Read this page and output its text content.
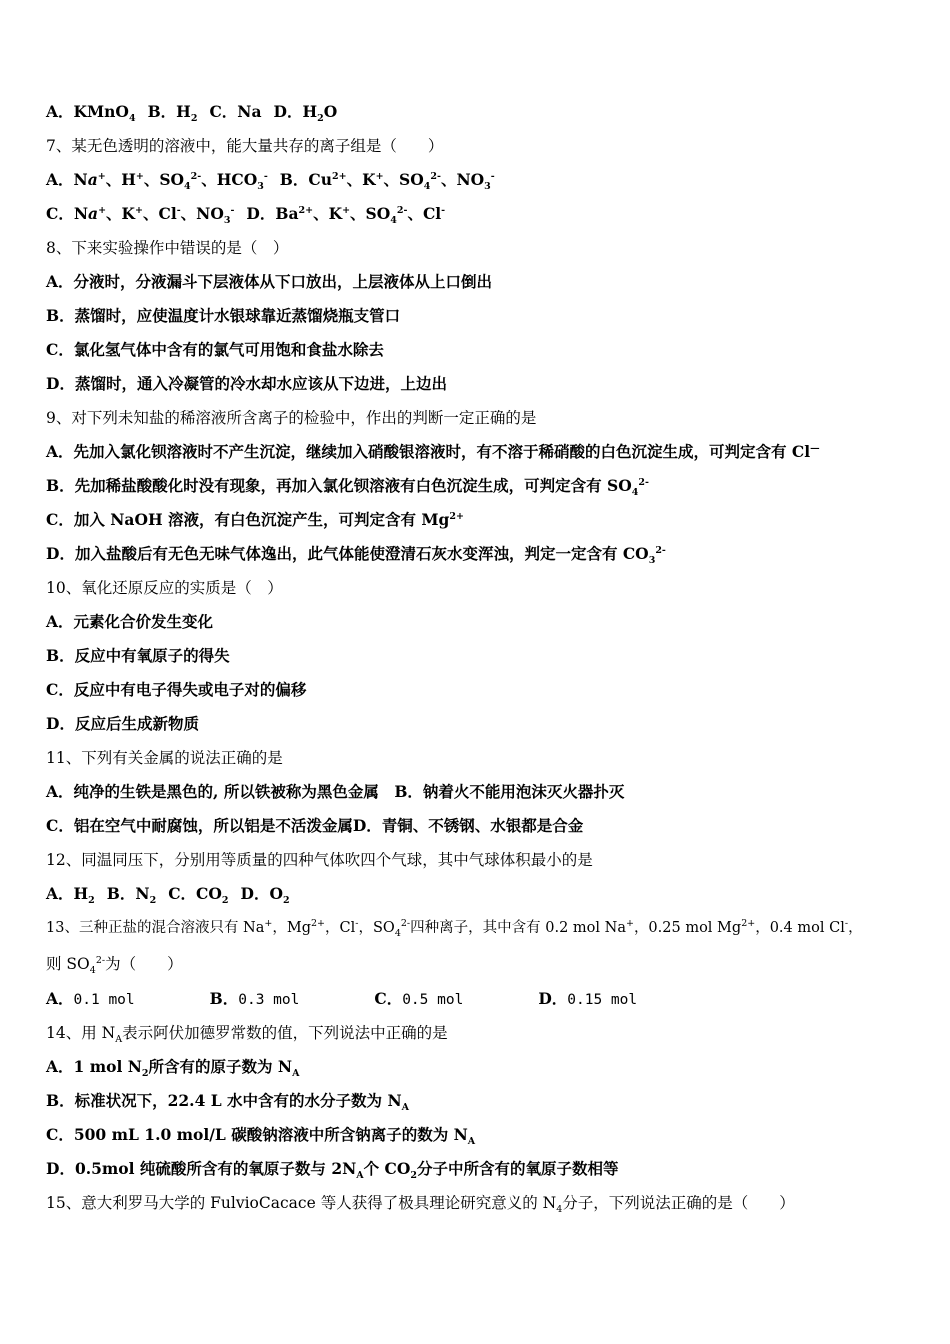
A．KMnO$_4$ B．$H_2$ C．Na D．$H_2O$
7、某无色透明的溶液中，能大量共存的离子组是（　　）
A．Na+、H+、$SO_4^{2-}$、$HCO_3^-$ B．$Cu^{2+}$、K+、$SO_4^{2-}$、$NO_3^-$
C．Na+、K+、Cl-、$NO_3^-$ D．$Ba^{2+}$、K+、$SO_4^{2-}$、Cl-
8、下来实验操作中错误的是（　）
A．分液时，分液漏斗下层液体从下口放出，上层液体从上口倒出
B．蒸馏时，应使温度计水银球靠近蒸馏烧瓶支管口
C．氯化氢气体中含有的氯气可用饱和食盐水除去
D．蒸馏时，通入冷凝管的冷水却水应该从下边进，上边出
9、对下列未知盐的稀溶液所含离子的检验中，作出的判断一定正确的是
A．先加入氯化钡溶液时不产生沉淀，继续加入硝酸银溶液时，有不溶于稀硝酸的白色沉淀生成，可判定含有 Cl—
B．先加稀盐酸酸化时没有现象，再加入氯化钡溶液有白色沉淀生成，可判定含有 $SO_4^{2-}$
C．加入 NaOH 溶液，有白色沉淀产生，可判定含有 $Mg^{2+}$
D．加入盐酸后有无色无味气体逸出，此气体能使澄清石灰水变浑浊，判定一定含有 $CO_3^{2-}$
10、氧化还原反应的实质是（　）
A．元素化合价发生变化
B．反应中有氧原子的得失
C．反应中有电子得失或电子对的偏移
D．反应后生成新物质
11、下列有关金属的说法正确的是
A．纯净的生铁是黑色的, 所以铁被称为黑色金属　B．钠着火不能用泡沫灭火器扑灭
C．铝在空气中耐腐蚀，所以铝是不活泼金属D．青铜、不锈钢、水银都是合金
12、同温同压下，分别用等质量的四种气体吹四个气球，其中气球体积最小的是
A．$H_2$ B．$N_2$ C．$CO_2$ D．$O_2$
13、三种正盐的混合溶液只有 Na+，$Mg^{2+}$，Cl-，$SO_4^{2-}$四种离子，其中含有 0.2 mol Na+，0.25 mol $Mg^{2+}$，0.4 mol Cl-，
则 $SO_4^{2-}$为（　　）
A．0.1 mol	B．0.3 mol	C．0.5 mol	D．0.15 mol
14、用 $N_A$表示阿伏加德罗常数的值，下列说法中正确的是
A．1 mol $N_2$所含有的原子数为 $N_A$
B．标准状况下，22.4 L 水中含有的水分子数为 $N_A$
C．500 mL 1.0 mol/L 碳酸钠溶液中所含钠离子的数为 $N_A$
D．0.5mol 纯硫酸所含有的氧原子数与 $2N_A$个 $CO_2$分子中所含有的氧原子数相等
15、意大利罗马大学的 FulvioCacace 等人获得了极具理论研究意义的 $N_4$分子，下列说法正确的是（　　）
